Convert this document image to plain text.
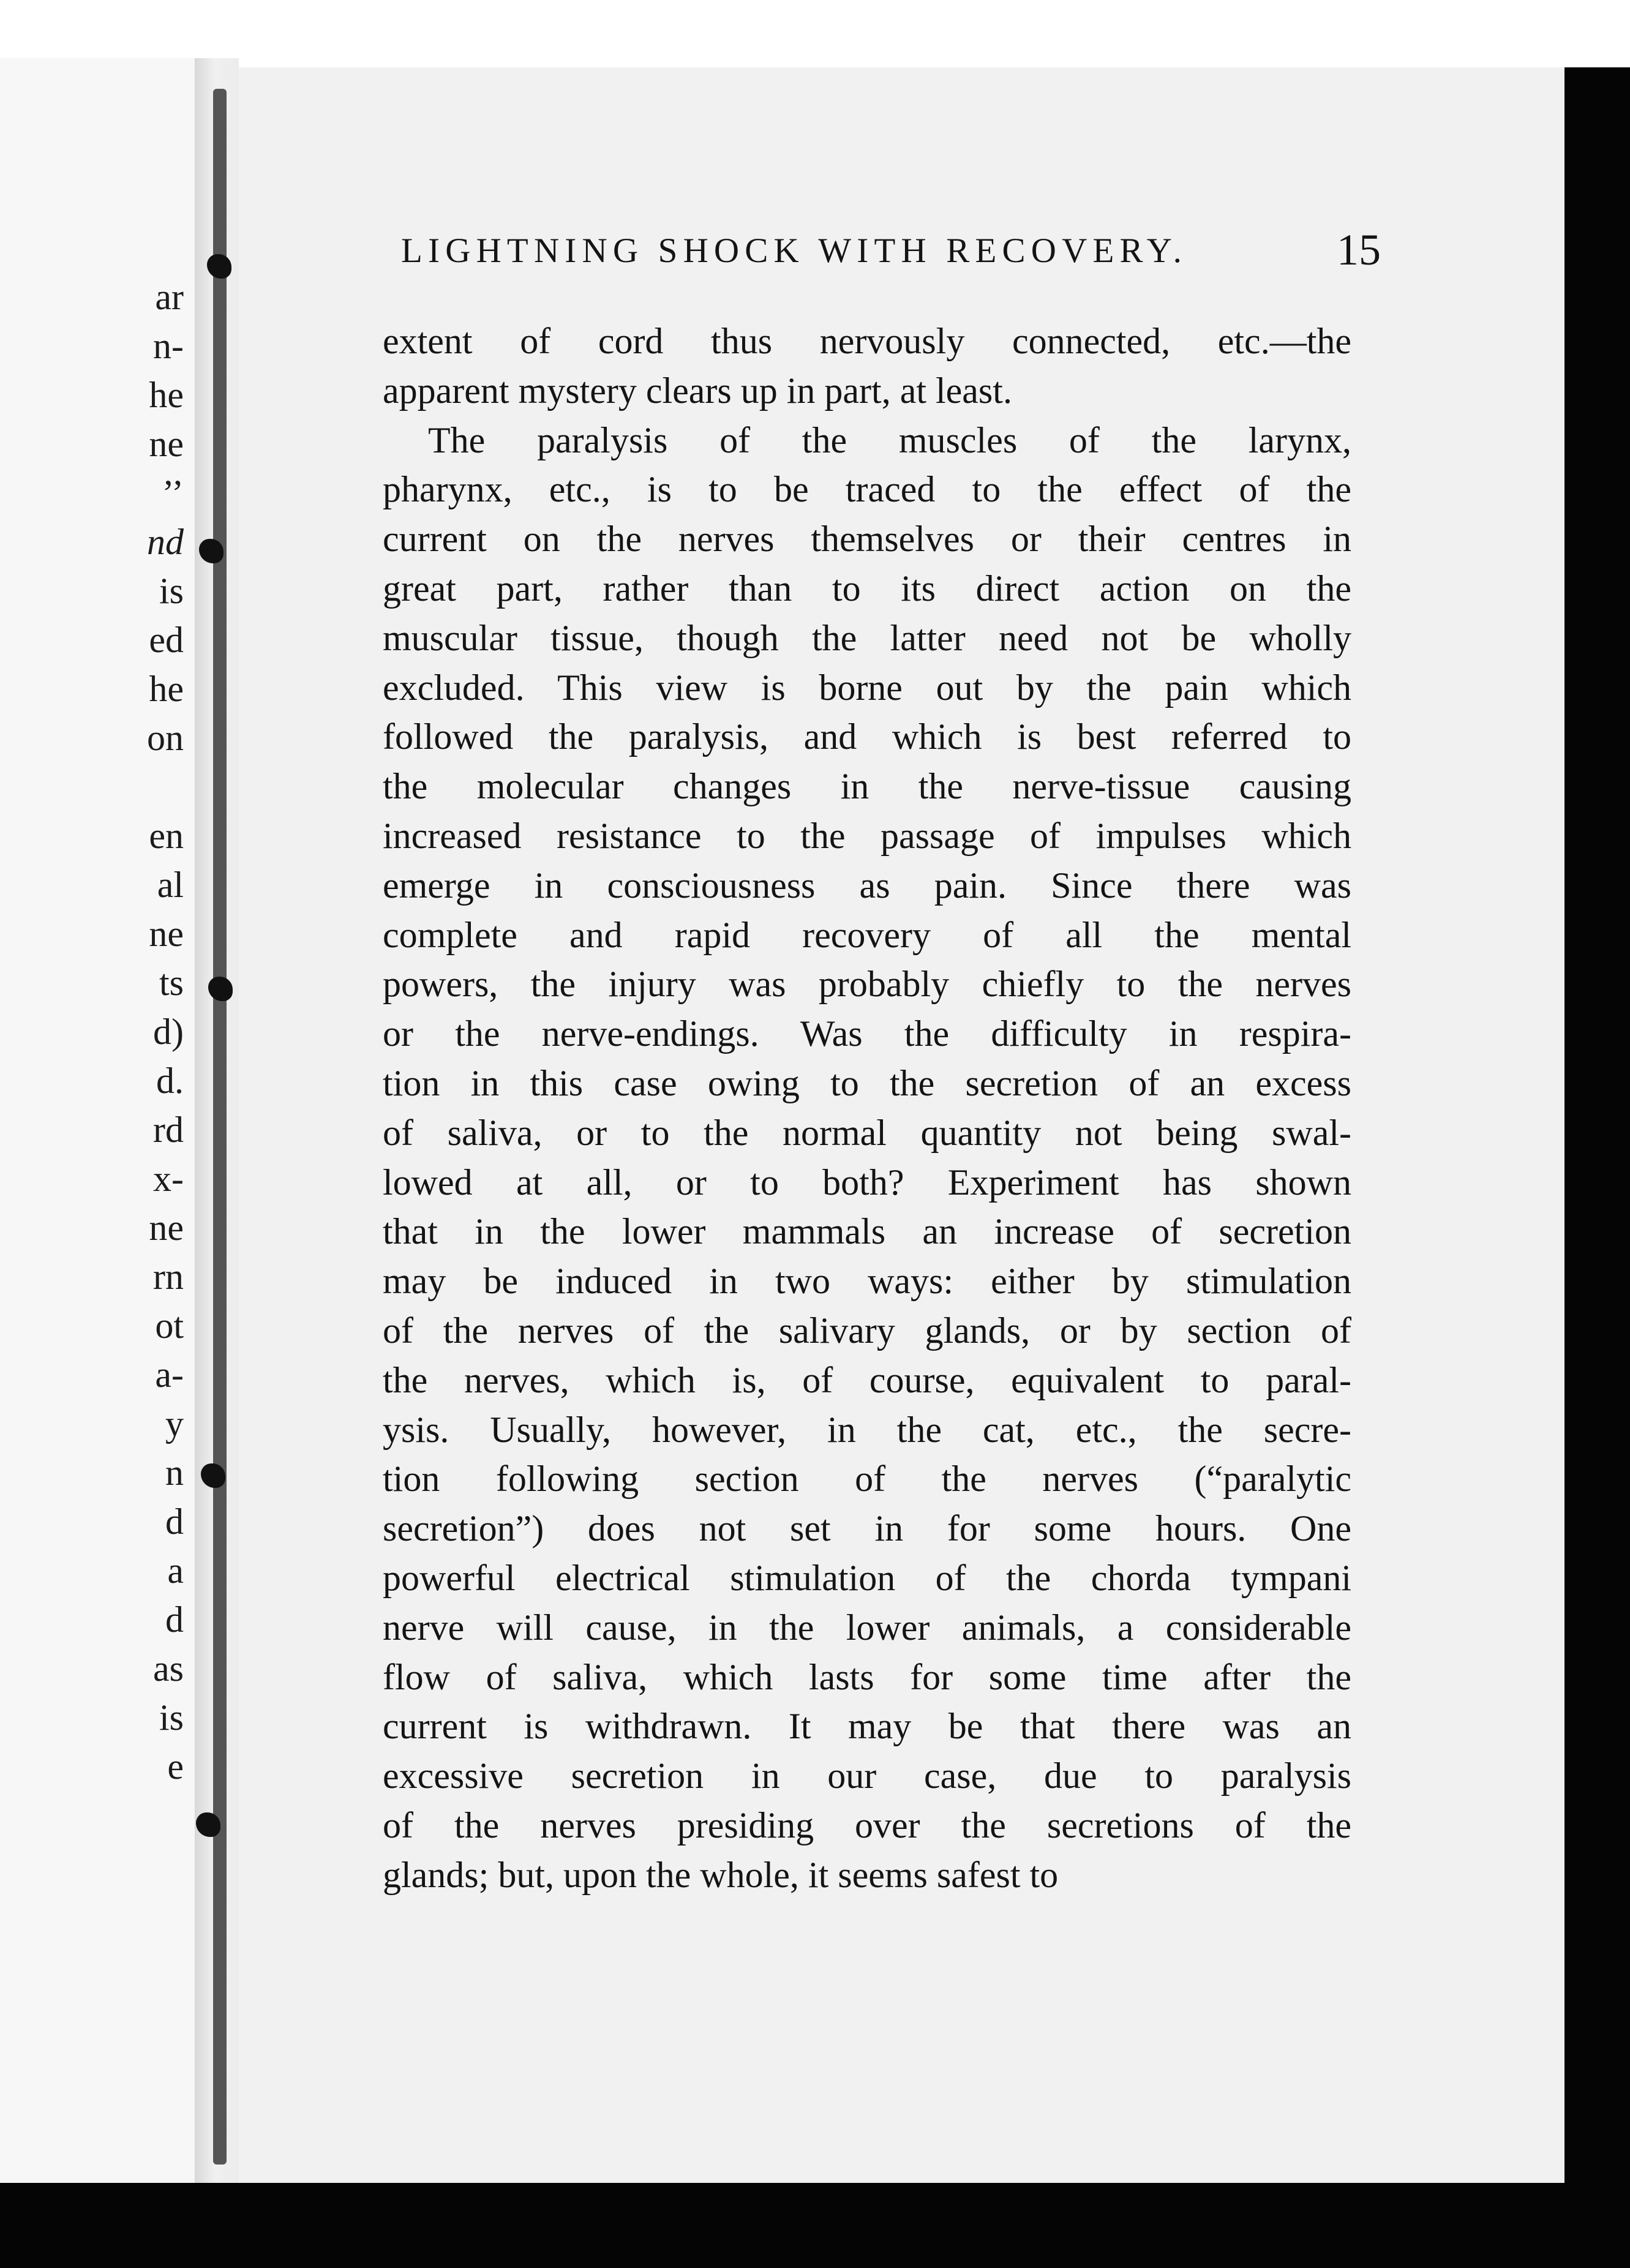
ar
n-
he
ne
’’
nd
is
ed
he
on
en
al
ne
ts
d)
d.
rd
x-
ne
rn
ot
a-
y
n
d
a
d
as
is
e
LIGHTNING SHOCK WITH RECOVERY.	15
extent of cord thus nervously connected, etc.—the
apparent mystery clears up in part, at least.
The paralysis of the muscles of the larynx,
pharynx, etc., is to be traced to the effect of the
current on the nerves themselves or their centres in
great part, rather than to its direct action on the
muscular tissue, though the latter need not be wholly
excluded. This view is borne out by the pain which
followed the paralysis, and which is best referred to
the molecular changes in the nerve-tissue causing
increased resistance to the passage of impulses which
emerge in consciousness as pain. Since there was
complete and rapid recovery of all the mental
powers, the injury was probably chiefly to the nerves
or the nerve-endings. Was the difficulty in respira-
tion in this case owing to the secretion of an excess
of saliva, or to the normal quantity not being swal-
lowed at all, or to both? Experiment has shown
that in the lower mammals an increase of secretion
may be induced in two ways: either by stimulation
of the nerves of the salivary glands, or by section of
the nerves, which is, of course, equivalent to paral-
ysis. Usually, however, in the cat, etc., the secre-
tion following section of the nerves (“paralytic
secretion”) does not set in for some hours. One
powerful electrical stimulation of the chorda tympani
nerve will cause, in the lower animals, a considerable
flow of saliva, which lasts for some time after the
current is withdrawn. It may be that there was an
excessive secretion in our case, due to paralysis
of the nerves presiding over the secretions of the
glands; but, upon the whole, it seems safest to
